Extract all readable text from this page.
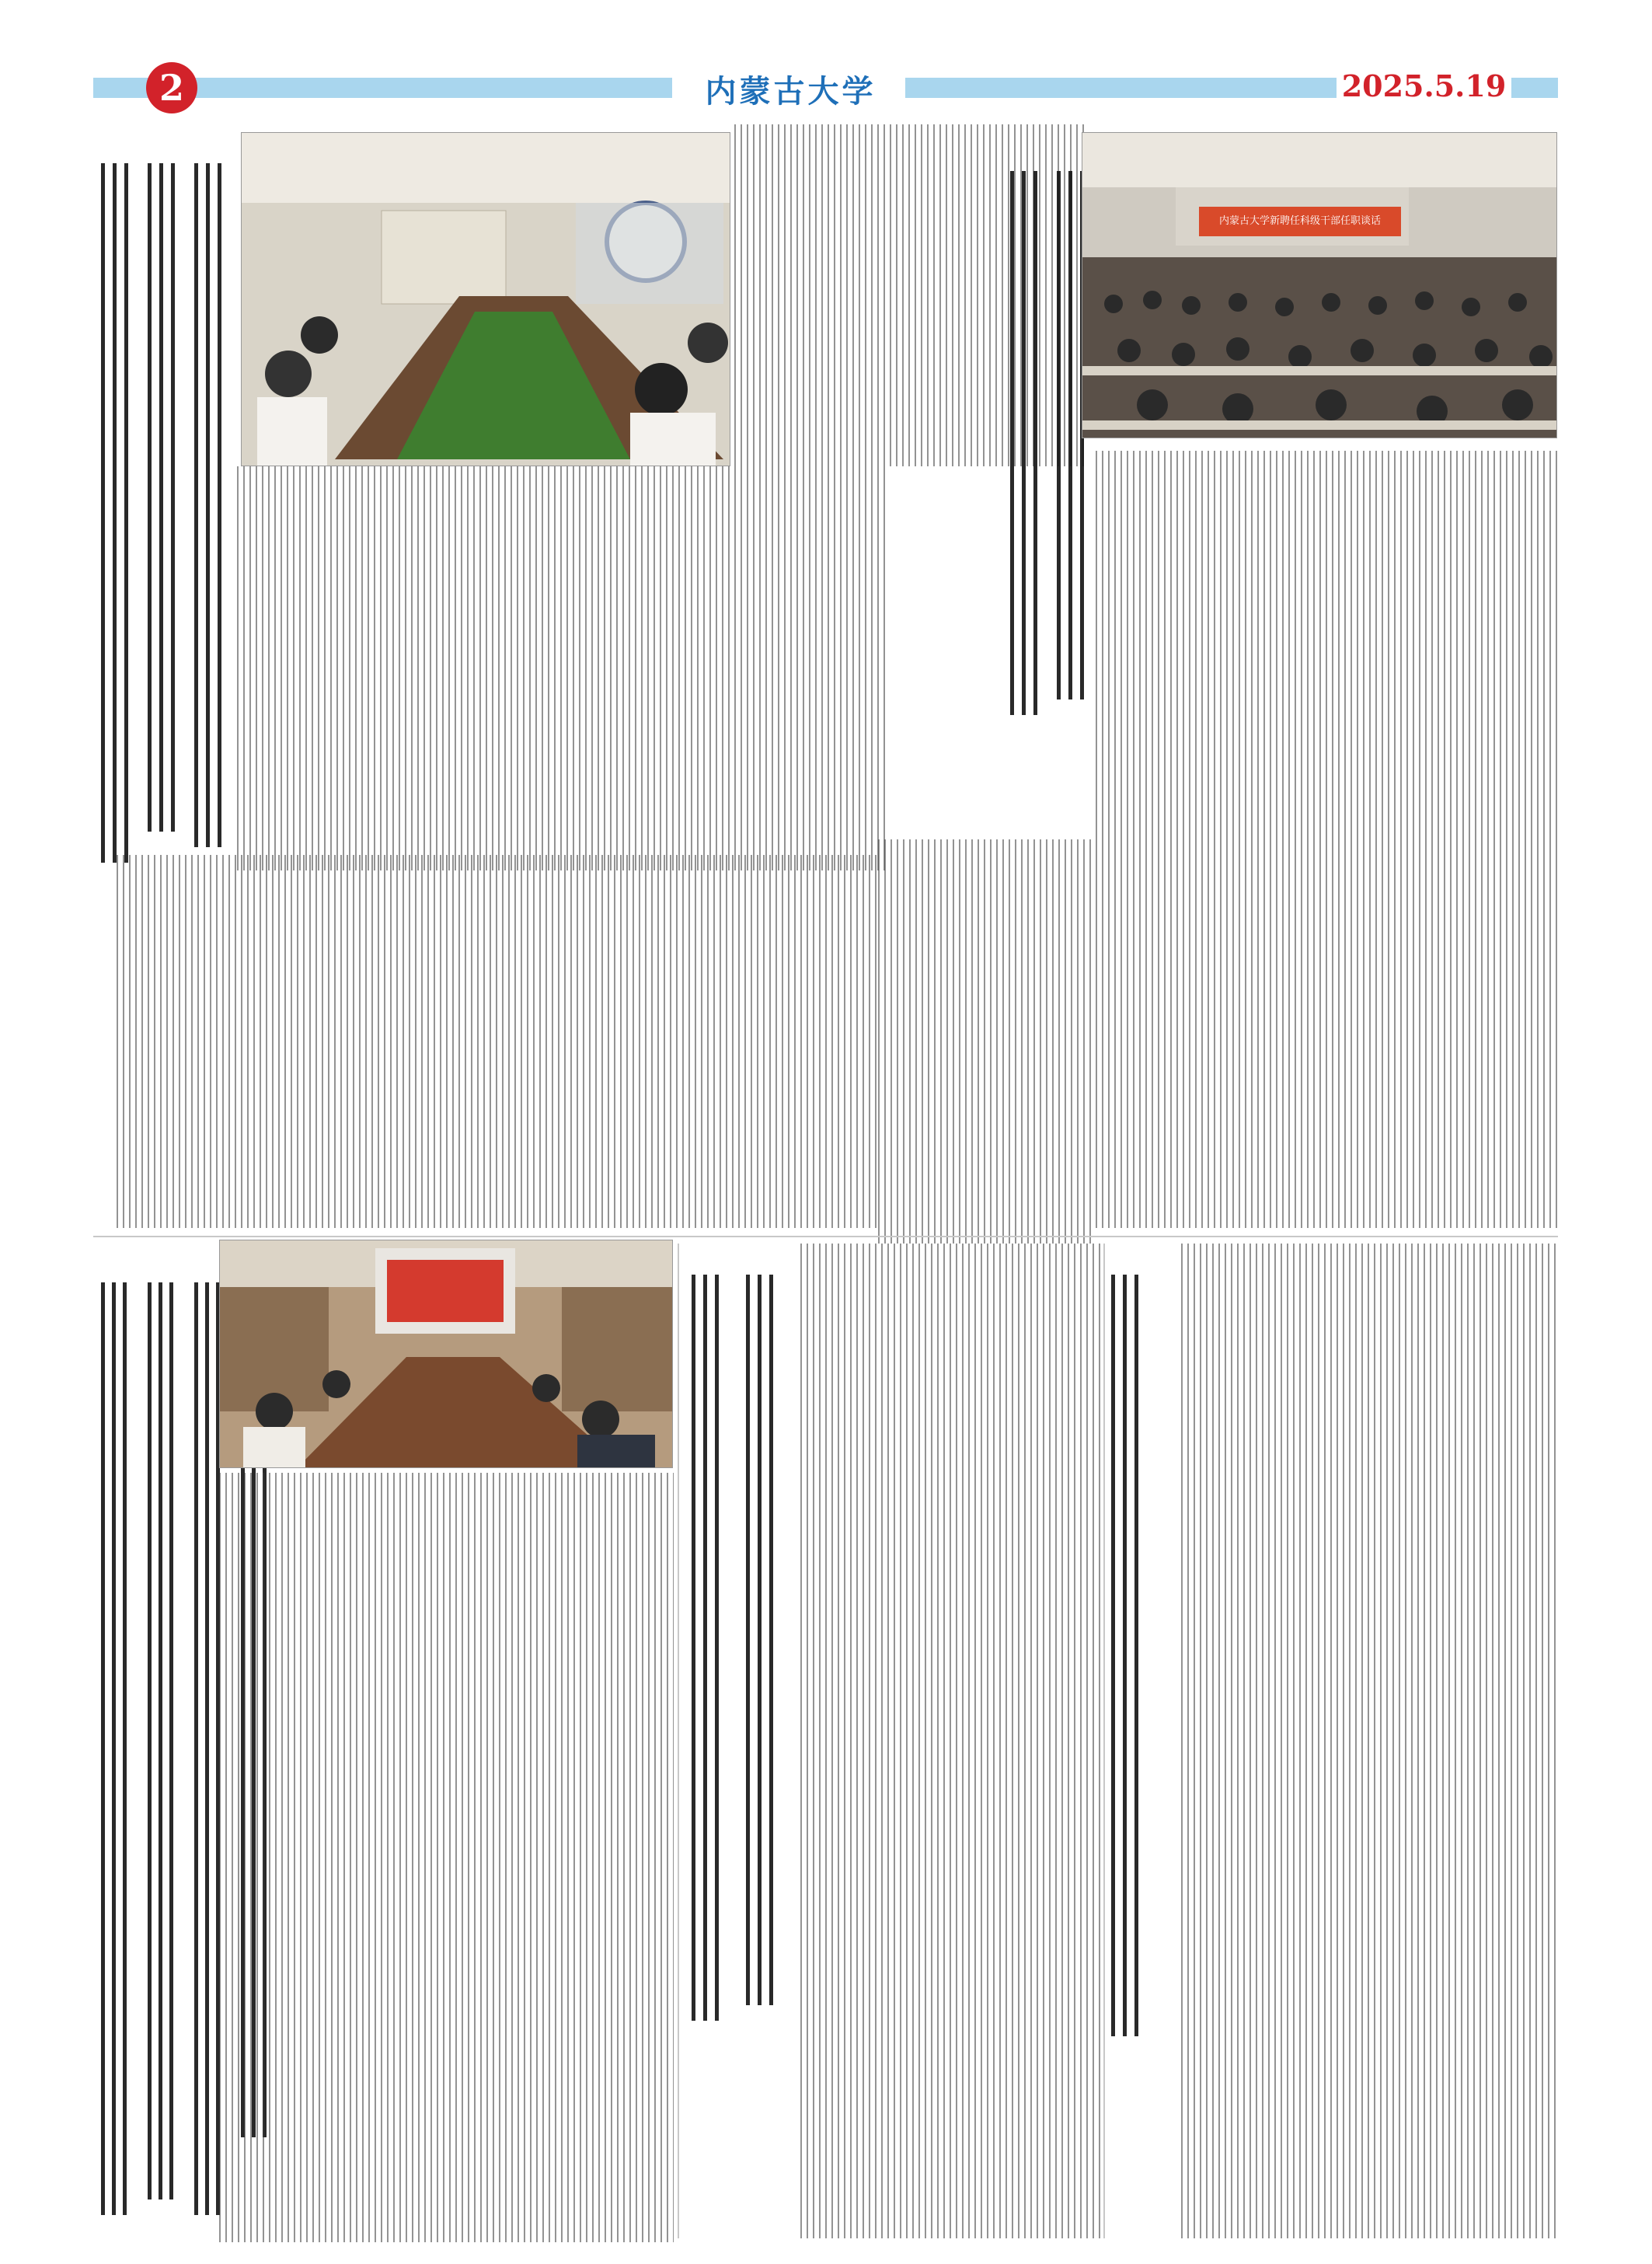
2	内蒙古大学	2025.5.19
内蒙古大学新聘任科级干部任职谈话
